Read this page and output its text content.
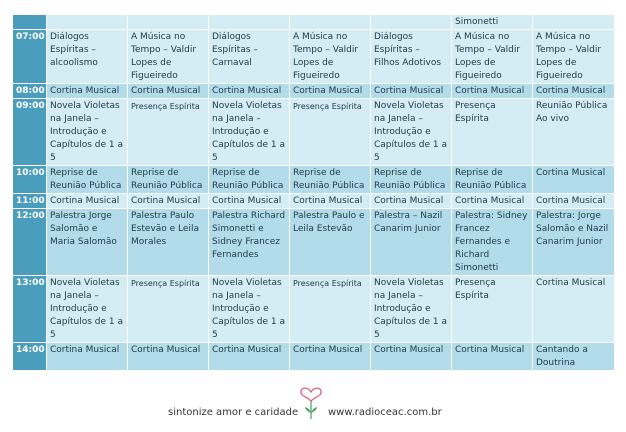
						Simonetti	
07:00	Diálogos Espíritas – alcoolismo	A Música no Tempo – Valdir Lopes de Figueiredo	Diálogos Espíritas – Carnaval	A Música no Tempo – Valdir Lopes de Figueiredo	Diálogos Espíritas – Filhos Adotivos	A Música no Tempo – Valdir Lopes de Figueiredo	A Música no Tempo – Valdir Lopes de Figueiredo
08:00	Cortina Musical	Cortina Musical	Cortina Musical	Cortina Musical	Cortina Musical	Cortina Musical	Cortina Musical
09:00	Novela Violetas na Janela – Introdução e Capítulos de 1 a 5	Presença Espírita	Novela Violetas na Janela – Introdução e Capítulos de 1 a 5	Presença Espírita	Novela Violetas na Janela – Introdução e Capítulos de 1 a 5	Presença Espírita	Reunião Pública Ao vivo
10:00	Reprise de Reunião Pública	Reprise de Reunião Pública	Reprise de Reunião Pública	Reprise de Reunião Pública	Reprise de Reunião Pública	Reprise de Reunião Pública	Cortina Musical
11:00	Cortina Musical	Cortina Musical	Cortina Musical	Cortina Musical	Cortina Musical	Cortina Musical	Cortina Musical
12:00	Palestra Jorge Salomão e Maria Salomão	Palestra Paulo Estevão e Leila Morales	Palestra Richard Simonetti e Sidney Francez Fernandes	Palestra Paulo e Leila Estevão	Palestra – Nazil Canarim Junior	Palestra: Sidney Francez Fernandes e Richard Simonetti	Palestra: Jorge Salomão e Nazil Canarim Junior
13:00	Novela Violetas na Janela – Introdução e Capítulos de 1 a 5	Presença Espírita	Novela Violetas na Janela – Introdução e Capítulos de 1 a 5	Presença Espírita	Novela Violetas na Janela – Introdução e Capítulos de 1 a 5	Presença Espírita	Cortina Musical
14:00	Cortina Musical	Cortina Musical	Cortina Musical	Cortina Musical	Cortina Musical	Cortina Musical	Cantando a Doutrina
sintonize amor e caridade	www.radioceac.com.br
